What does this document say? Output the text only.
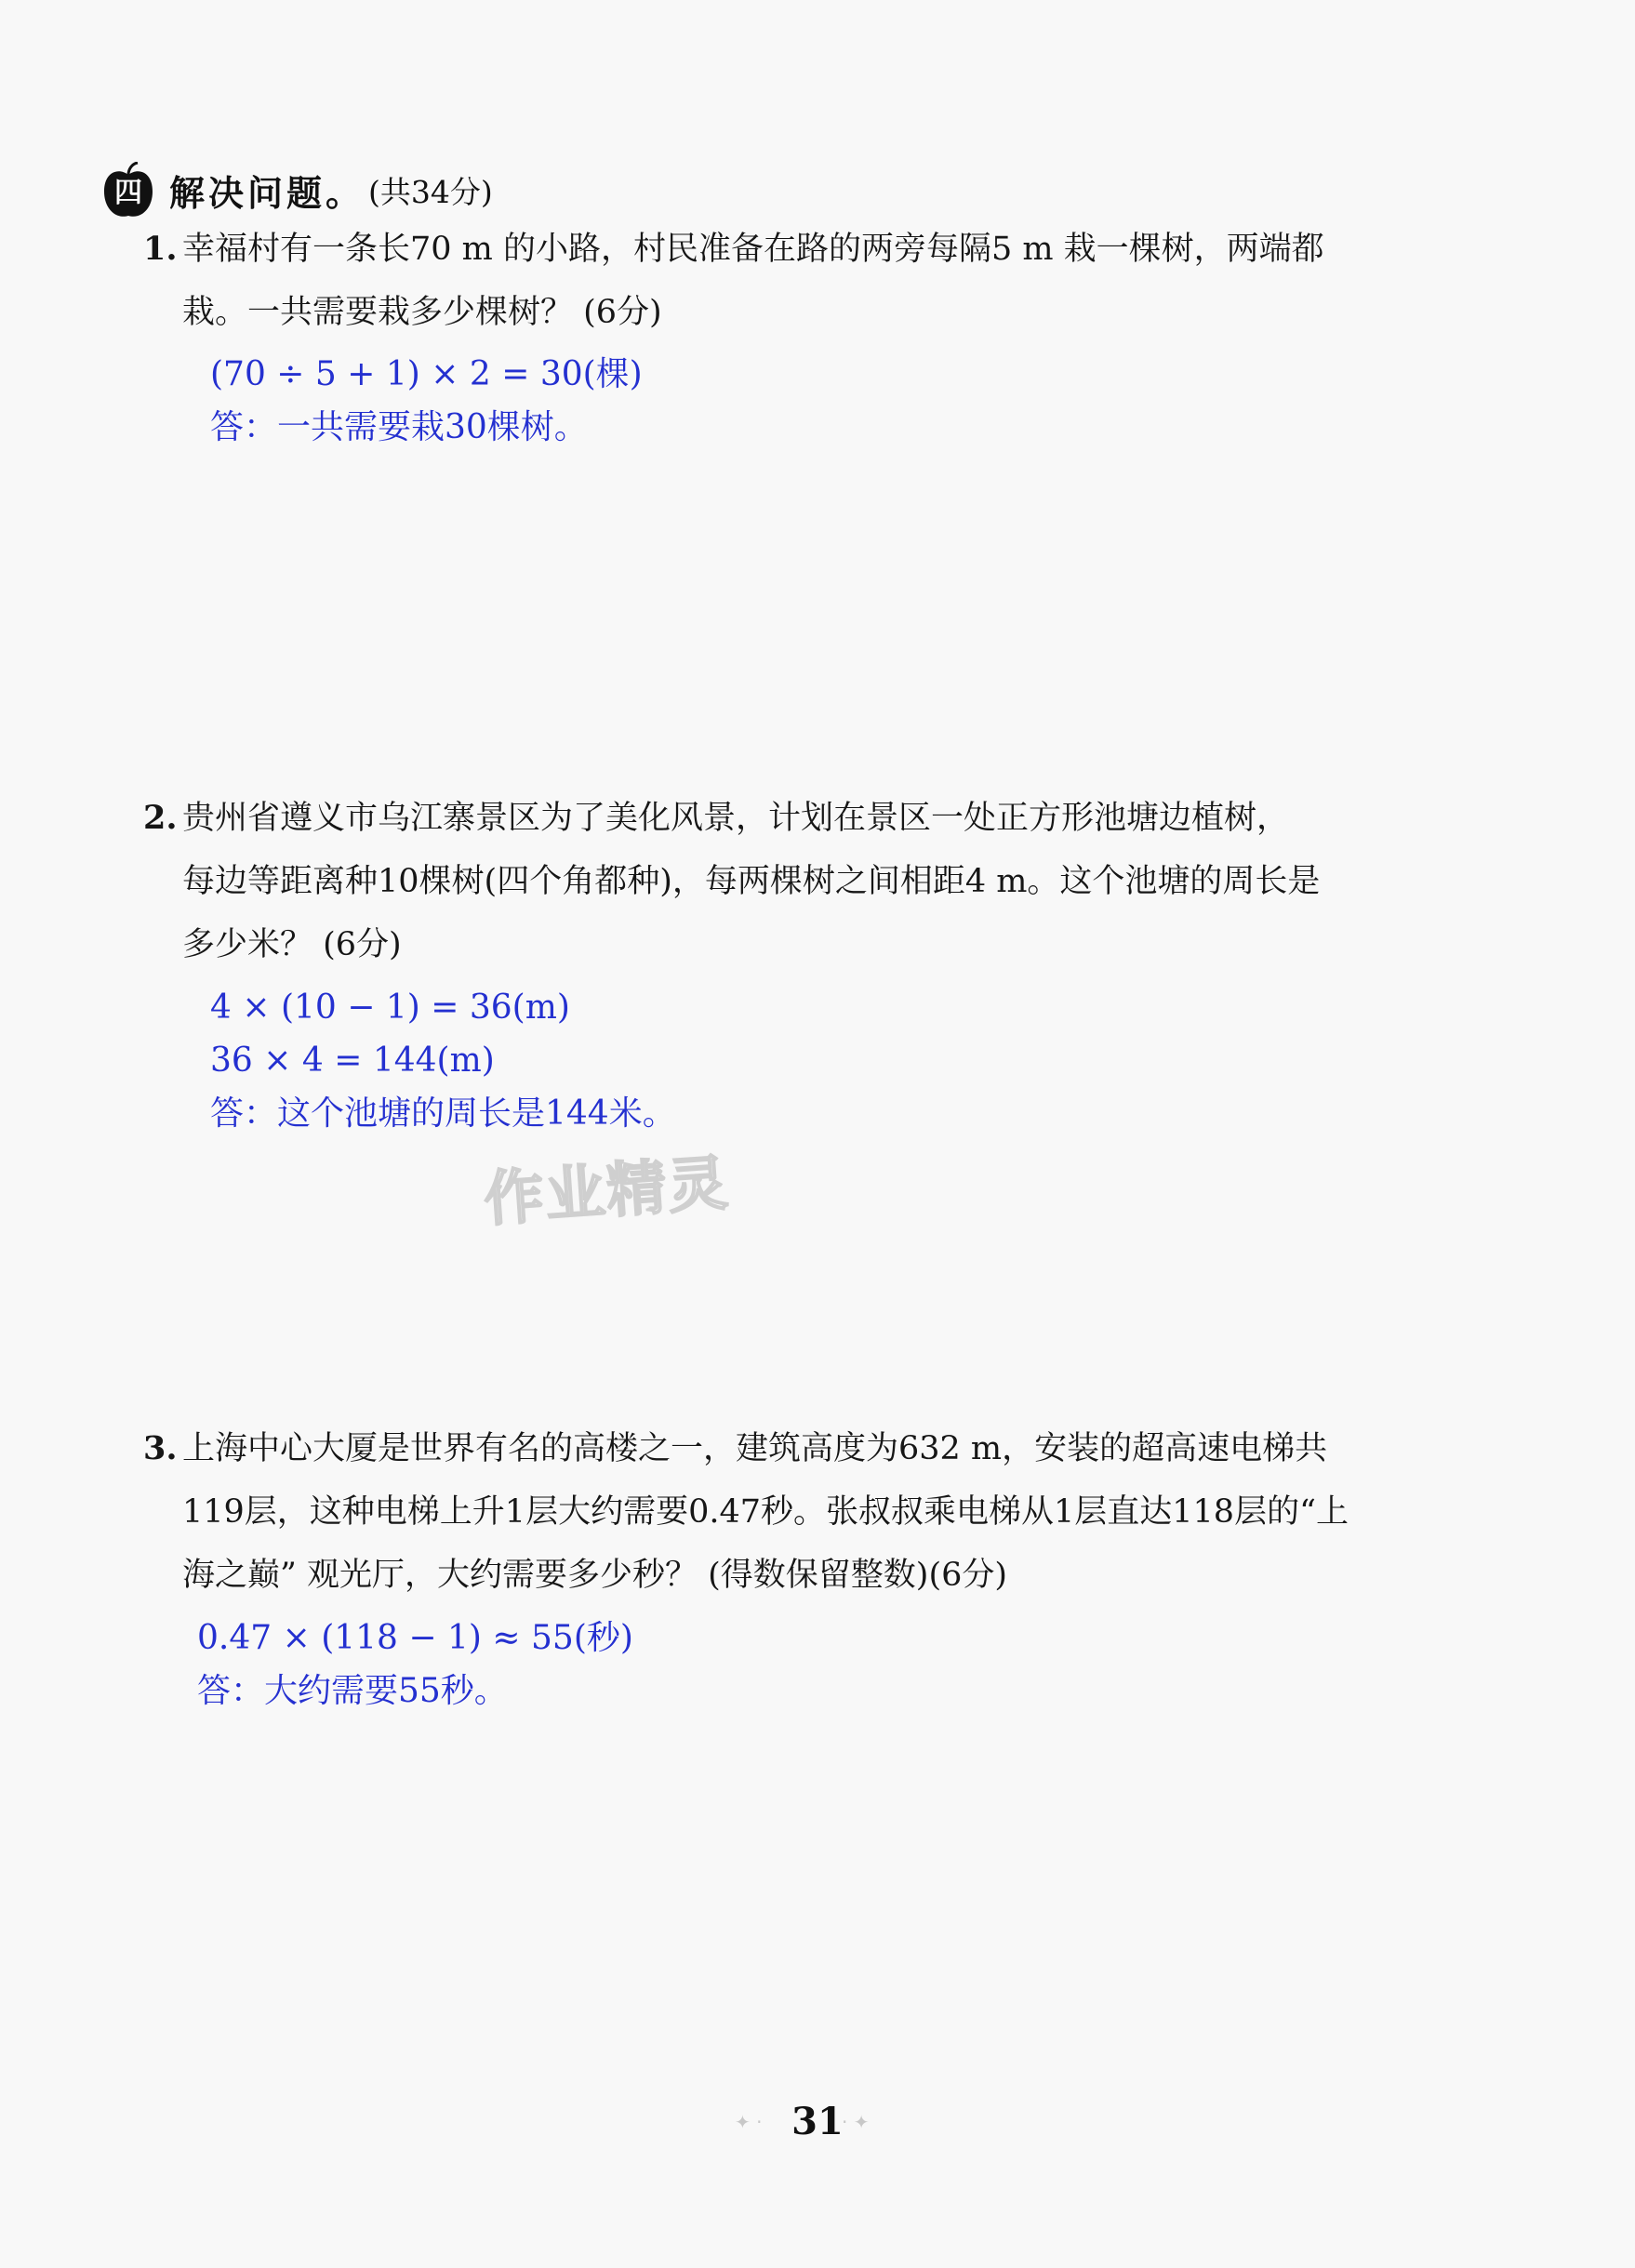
四 解决问题。 (共34分)
1. 幸福村有一条长70 m 的小路，村民准备在路的两旁每隔5 m 栽一棵树，两端都
栽。一共需要栽多少棵树？ (6分)
(70 ÷ 5 + 1) × 2 = 30(棵)
答：一共需要栽30棵树。
2. 贵州省遵义市乌江寨景区为了美化风景，计划在景区一处正方形池塘边植树，
每边等距离种10棵树(四个角都种)，每两棵树之间相距4 m。这个池塘的周长是
多少米？ (6分)
4 × (10 − 1) = 36(m)
36 × 4 = 144(m)
答：这个池塘的周长是144米。
作业精灵
3. 上海中心大厦是世界有名的高楼之一，建筑高度为632 m，安装的超高速电梯共
119层，这种电梯上升1层大约需要0.47秒。张叔叔乘电梯从1层直达118层的“上
海之巅” 观光厅，大约需要多少秒？ (得数保留整数)(6分)
0.47 × (118 − 1) ≈ 55(秒)
答：大约需要55秒。
✦ · 31
· ✦
